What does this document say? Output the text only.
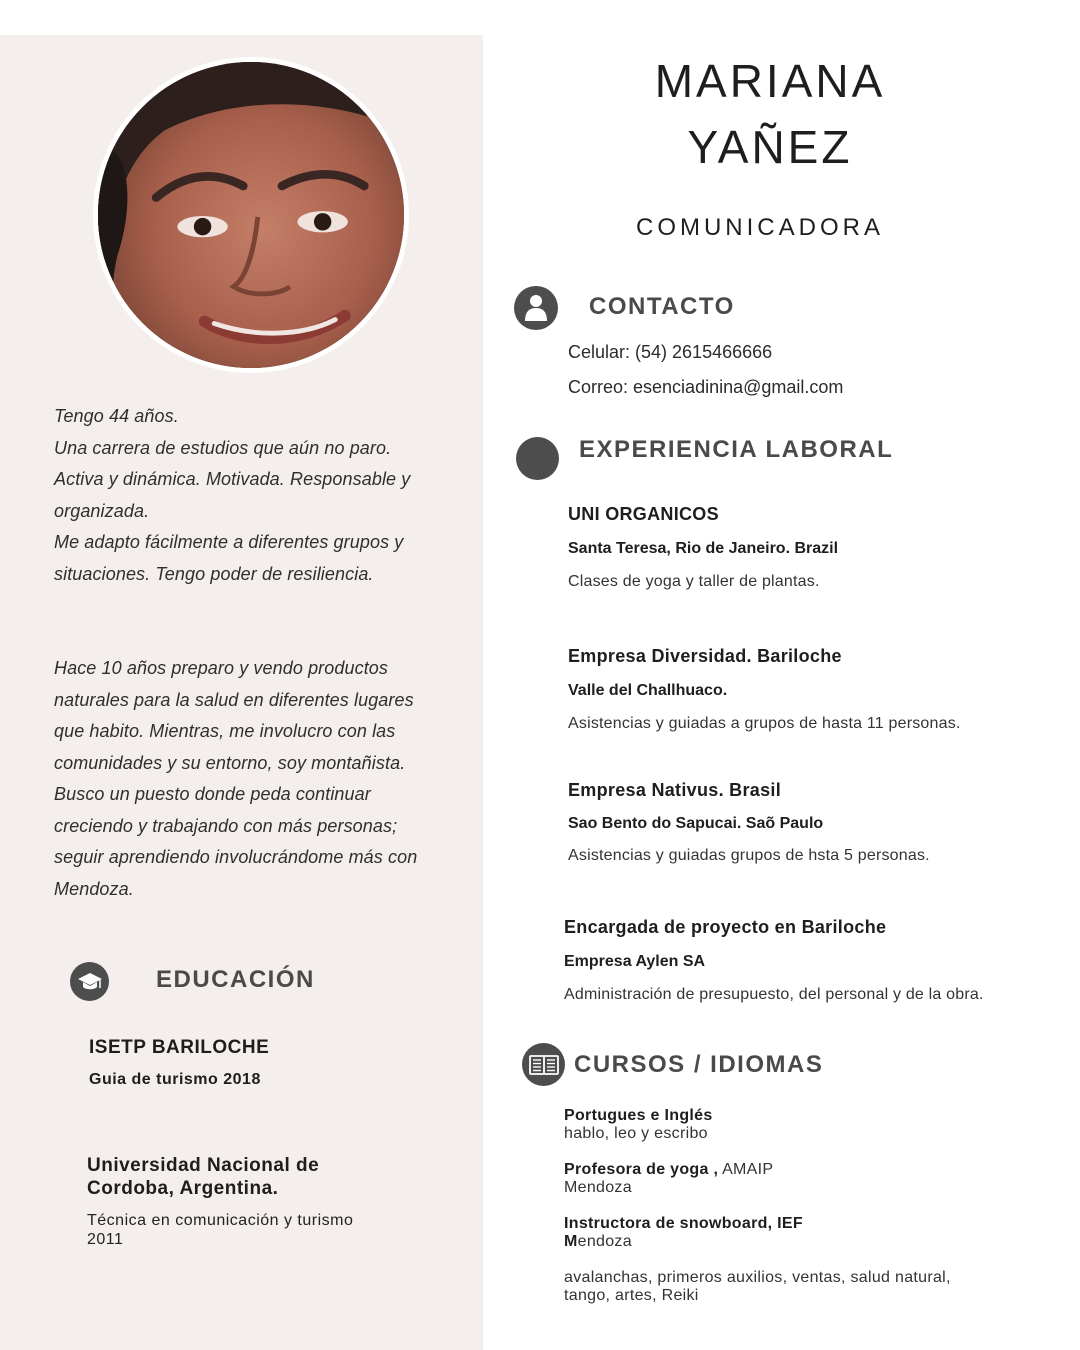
Tengo 44 años.

Una carrera de estudios que aún no paro.

Activa y dinámica. Motivada. Responsable y

organizada.

Me adapto fácilmente a diferentes grupos y

situaciones. Tengo poder de resiliencia.

Hace 10 años preparo y vendo productos

naturales para la salud en diferentes lugares

que habito. Mientras, me involucro con las

comunidades y su entorno, soy montañista.

Busco un puesto donde peda continuar

creciendo y trabajando con más personas;

seguir aprendiendo involucrándome más con

Mendoza.

EDUCACIÓN
ISETP BARILOCHE
Guia de turismo 2018
Universidad Nacional de
Cordoba, Argentina.
Técnica en comunicación y turismo
2011
MARIANA
YAÑEZ
COMUNICADORA
CONTACTO
Celular: (54) 2615466666
Correo: esenciadinina@gmail.com
EXPERIENCIA LABORAL
UNI ORGANICOS
Santa Teresa, Rio de Janeiro. Brazil
Clases de yoga y taller de plantas.
Empresa Diversidad. Bariloche
Valle del Challhuaco.
Asistencias y guiadas a grupos de hasta 11 personas.
Empresa Nativus. Brasil
Sao Bento do Sapucai. Saõ Paulo
Asistencias y guiadas grupos de hsta 5 personas.
Encargada de proyecto en Bariloche
Empresa Aylen SA
Administración de presupuesto, del personal y de la obra.
CURSOS / IDIOMAS
Portugues e Inglés
hablo, leo y escribo
Profesora de yoga , AMAIP
Mendoza
Instructora de snowboard, IEF
Mendoza
avalanchas, primeros auxilios, ventas, salud natural,
tango, artes, Reiki
